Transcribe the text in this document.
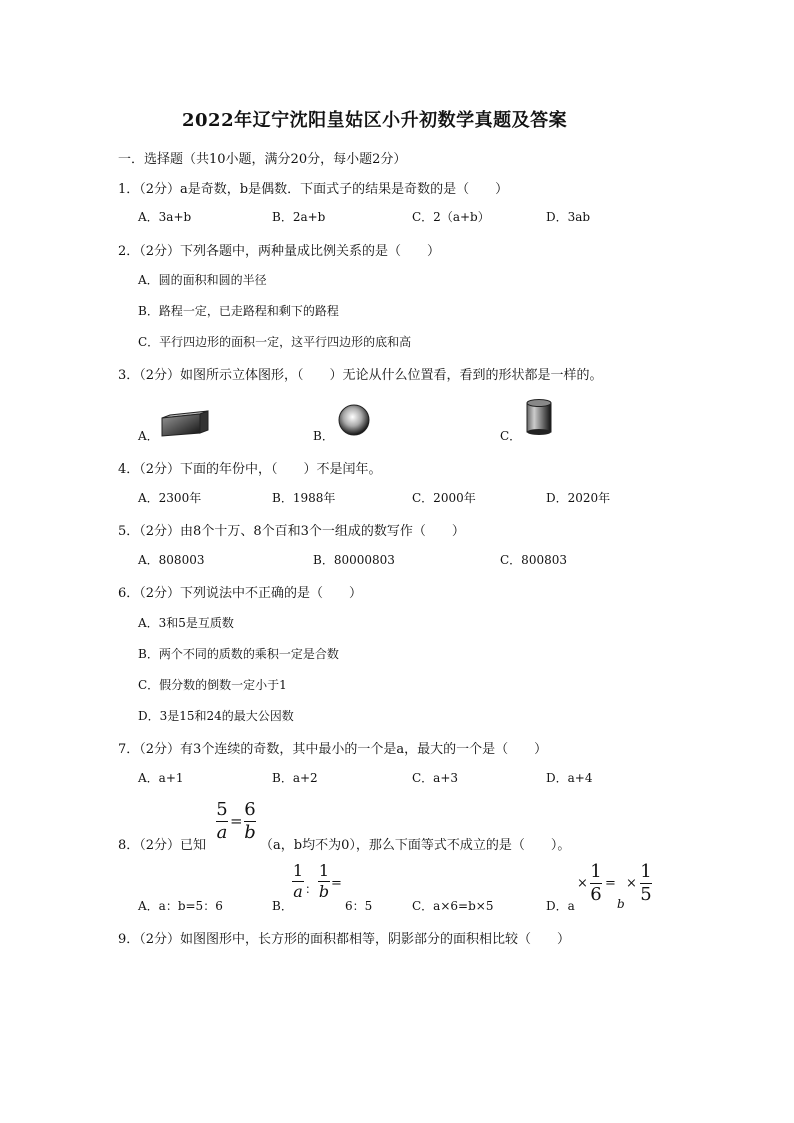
2022年辽宁沈阳皇姑区小升初数学真题及答案
一．选择题（共10小题，满分20分，每小题2分）
1．（2分）a是奇数，b是偶数．下面式子的结果是奇数的是（　　）
A．3a+b	B．2a+b	C．2（a+b）	D．3ab
2．（2分）下列各题中，两种量成比例关系的是（　　）
A．圆的面积和圆的半径
B．路程一定，已走路程和剩下的路程
C．平行四边形的面积一定，这平行四边形的底和高
3．（2分）如图所示立体图形，（　　）无论从什么位置看，看到的形状都是一样的。
A．	B．	C．
4．（2分）下面的年份中，（　　）不是闰年。
A．2300年	B．1988年	C．2000年	D．2020年
5．（2分）由8个十万、8个百和3个一组成的数写作（　　）
A．808003	B．80000803	C．800803
6．（2分）下列说法中不正确的是（　　）
A．3和5是互质数
B．两个不同的质数的乘积一定是合数
C．假分数的倒数一定小于1
D．3是15和24的最大公因数
7．（2分）有3个连续的奇数，其中最小的一个是a，最大的一个是（　　）
A．a+1	B．a+2	C．a+3	D．a+4
5
a
=
6
b
8．（2分）已知	（a，b均不为0），那么下面等式不成立的是（　　）。
A．a：b=5：6	B．
1
a ：
1
b =
6：5	C．a×6=b×5	D．a
×
1
6
=
b
×
1
5
9．（2分）如图图形中，长方形的面积都相等，阴影部分的面积相比较（　　）
